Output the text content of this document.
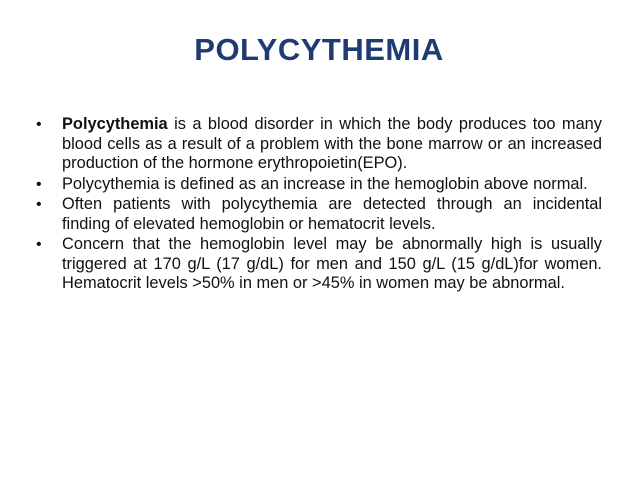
POLYCYTHEMIA
•	Polycythemia is a blood disorder in which the body produces too many blood cells as a result of a problem with the bone marrow or an increased production of the hormone erythropoietin(EPO).
•	Polycythemia is defined as an increase in the hemoglobin above normal.
•	Often patients with polycythemia are detected through an incidental finding of elevated hemoglobin or hematocrit levels.
•	Concern that the hemoglobin level may be abnormally high is usually triggered at 170 g/L (17 g/dL) for men and 150 g/L (15 g/dL)for women. Hematocrit levels >50% in men or >45% in women may be abnormal.
